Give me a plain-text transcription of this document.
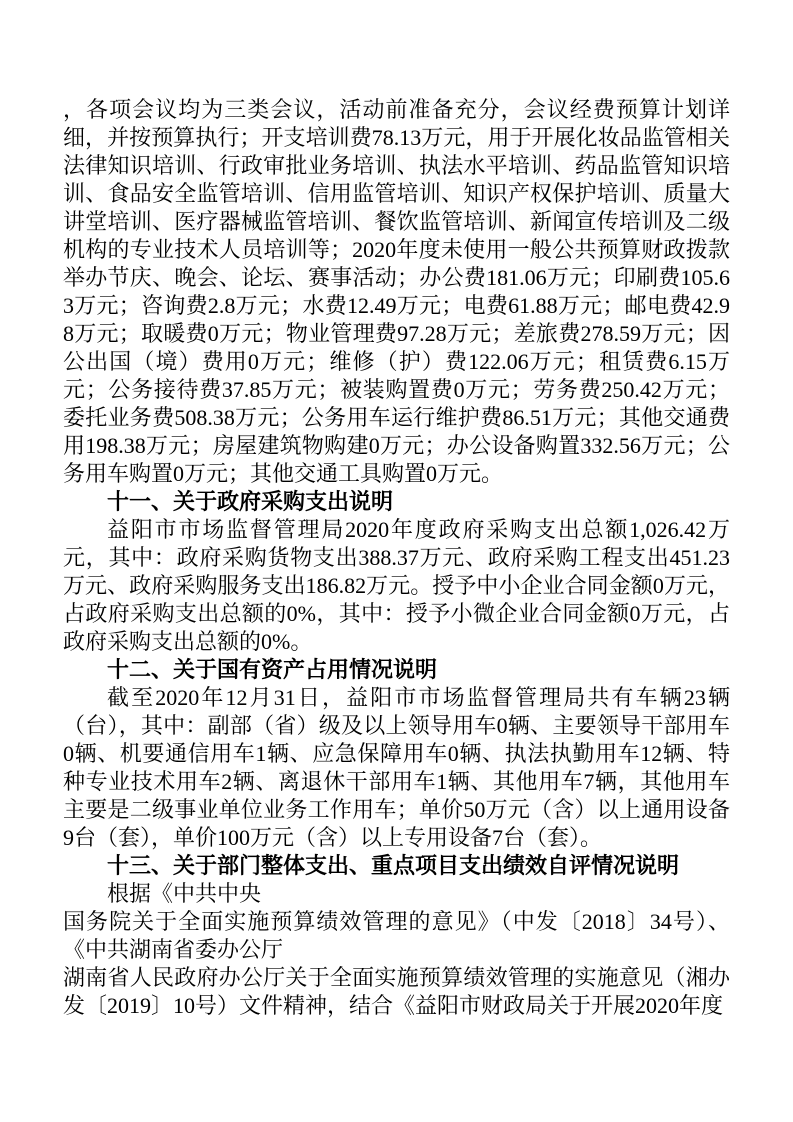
，各项会议均为三类会议，活动前准备充分，会议经费预算计划详细，并按预算执行；开支培训费78.13万元，用于开展化妆品监管相关法律知识培训、行政审批业务培训、执法水平培训、药品监管知识培训、食品安全监管培训、信用监管培训、知识产权保护培训、质量大讲堂培训、医疗器械监管培训、餐饮监管培训、新闻宣传培训及二级机构的专业技术人员培训等；2020年度未使用一般公共预算财政拨款举办节庆、晚会、论坛、赛事活动；办公费181.06万元；印刷费105.63万元；咨询费2.8万元；水费12.49万元；电费61.88万元；邮电费42.98万元；取暖费0万元；物业管理费97.28万元；差旅费278.59万元；因公出国（境）费用0万元；维修（护）费122.06万元；租赁费6.15万元；公务接待费37.85万元；被装购置费0万元；劳务费250.42万元；委托业务费508.38万元；公务用车运行维护费86.51万元；其他交通费用198.38万元；房屋建筑物购建0万元；办公设备购置332.56万元；公务用车购置0万元；其他交通工具购置0万元。
十一、关于政府采购支出说明
益阳市市场监督管理局2020年度政府采购支出总额1,026.42万元，其中：政府采购货物支出388.37万元、政府采购工程支出451.23万元、政府采购服务支出186.82万元。授予中小企业合同金额0万元，占政府采购支出总额的0%，其中：授予小微企业合同金额0万元，占政府采购支出总额的0%。
十二、关于国有资产占用情况说明
截至2020年12月31日，益阳市市场监督管理局共有车辆23辆（台），其中：副部（省）级及以上领导用车0辆、主要领导干部用车0辆、机要通信用车1辆、应急保障用车0辆、执法执勤用车12辆、特种专业技术用车2辆、离退休干部用车1辆、其他用车7辆，其他用车主要是二级事业单位业务工作用车；单价50万元（含）以上通用设备9台（套），单价100万元（含）以上专用设备7台（套）。
十三、关于部门整体支出、重点项目支出绩效自评情况说明
根据《中共中央
国务院关于全面实施预算绩效管理的意见》（中发〔2018〕34号）、《中共湖南省委办公厅
湖南省人民政府办公厅关于全面实施预算绩效管理的实施意见（湘办发〔2019〕10号）文件精神，结合《益阳市财政局关于开展2020年度
